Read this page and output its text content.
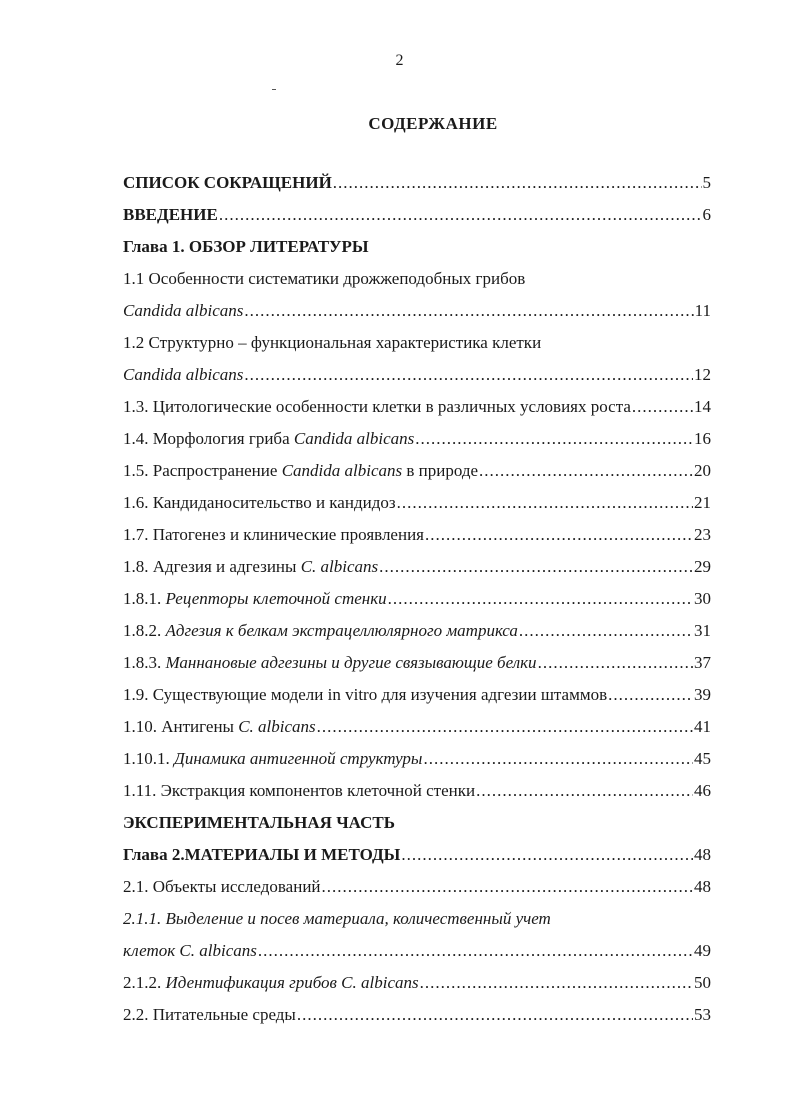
2
СОДЕРЖАНИЕ
СПИСОК СОКРАЩЕНИЙ .....	5
ВВЕДЕНИЕ .....	6
Глава 1. ОБЗОР ЛИТЕРАТУРЫ
1.1 Особенности систематики дрожжеподобных грибов
Candida albicans .....	11
1.2 Структурно – функциональная характеристика клетки
Candida albicans .....	12
1.3. Цитологические особенности клетки в различных условиях роста .....	14
1.4. Морфология гриба Candida albicans .....	16
1.5. Распространение Candida albicans в природе .....	20
1.6. Кандиданосительство и кандидоз .....	21
1.7. Патогенез и клинические проявления .....	23
1.8. Адгезия и адгезины C. albicans .....	29
1.8.1. Рецепторы клеточной стенки .....	30
1.8.2. Адгезия к белкам экстрацеллюлярного матрикса .....	31
1.8.3. Маннановые адгезины и другие связывающие белки .....	37
1.9. Существующие модели in vitro для изучения адгезии штаммов .....	39
1.10. Антигены C. albicans .....	41
1.10.1. Динамика антигенной структуры .....	45
1.11. Экстракция компонентов клеточной стенки .....	46
ЭКСПЕРИМЕНТАЛЬНАЯ ЧАСТЬ
Глава 2.МАТЕРИАЛЫ И МЕТОДЫ .....	48
2.1. Объекты исследований .....	48
2.1.1. Выделение и посев материала, количественный учет
клеток C. albicans .....	49
2.1.2. Идентификация грибов C. albicans .....	50
2.2. Питательные среды .....	53
